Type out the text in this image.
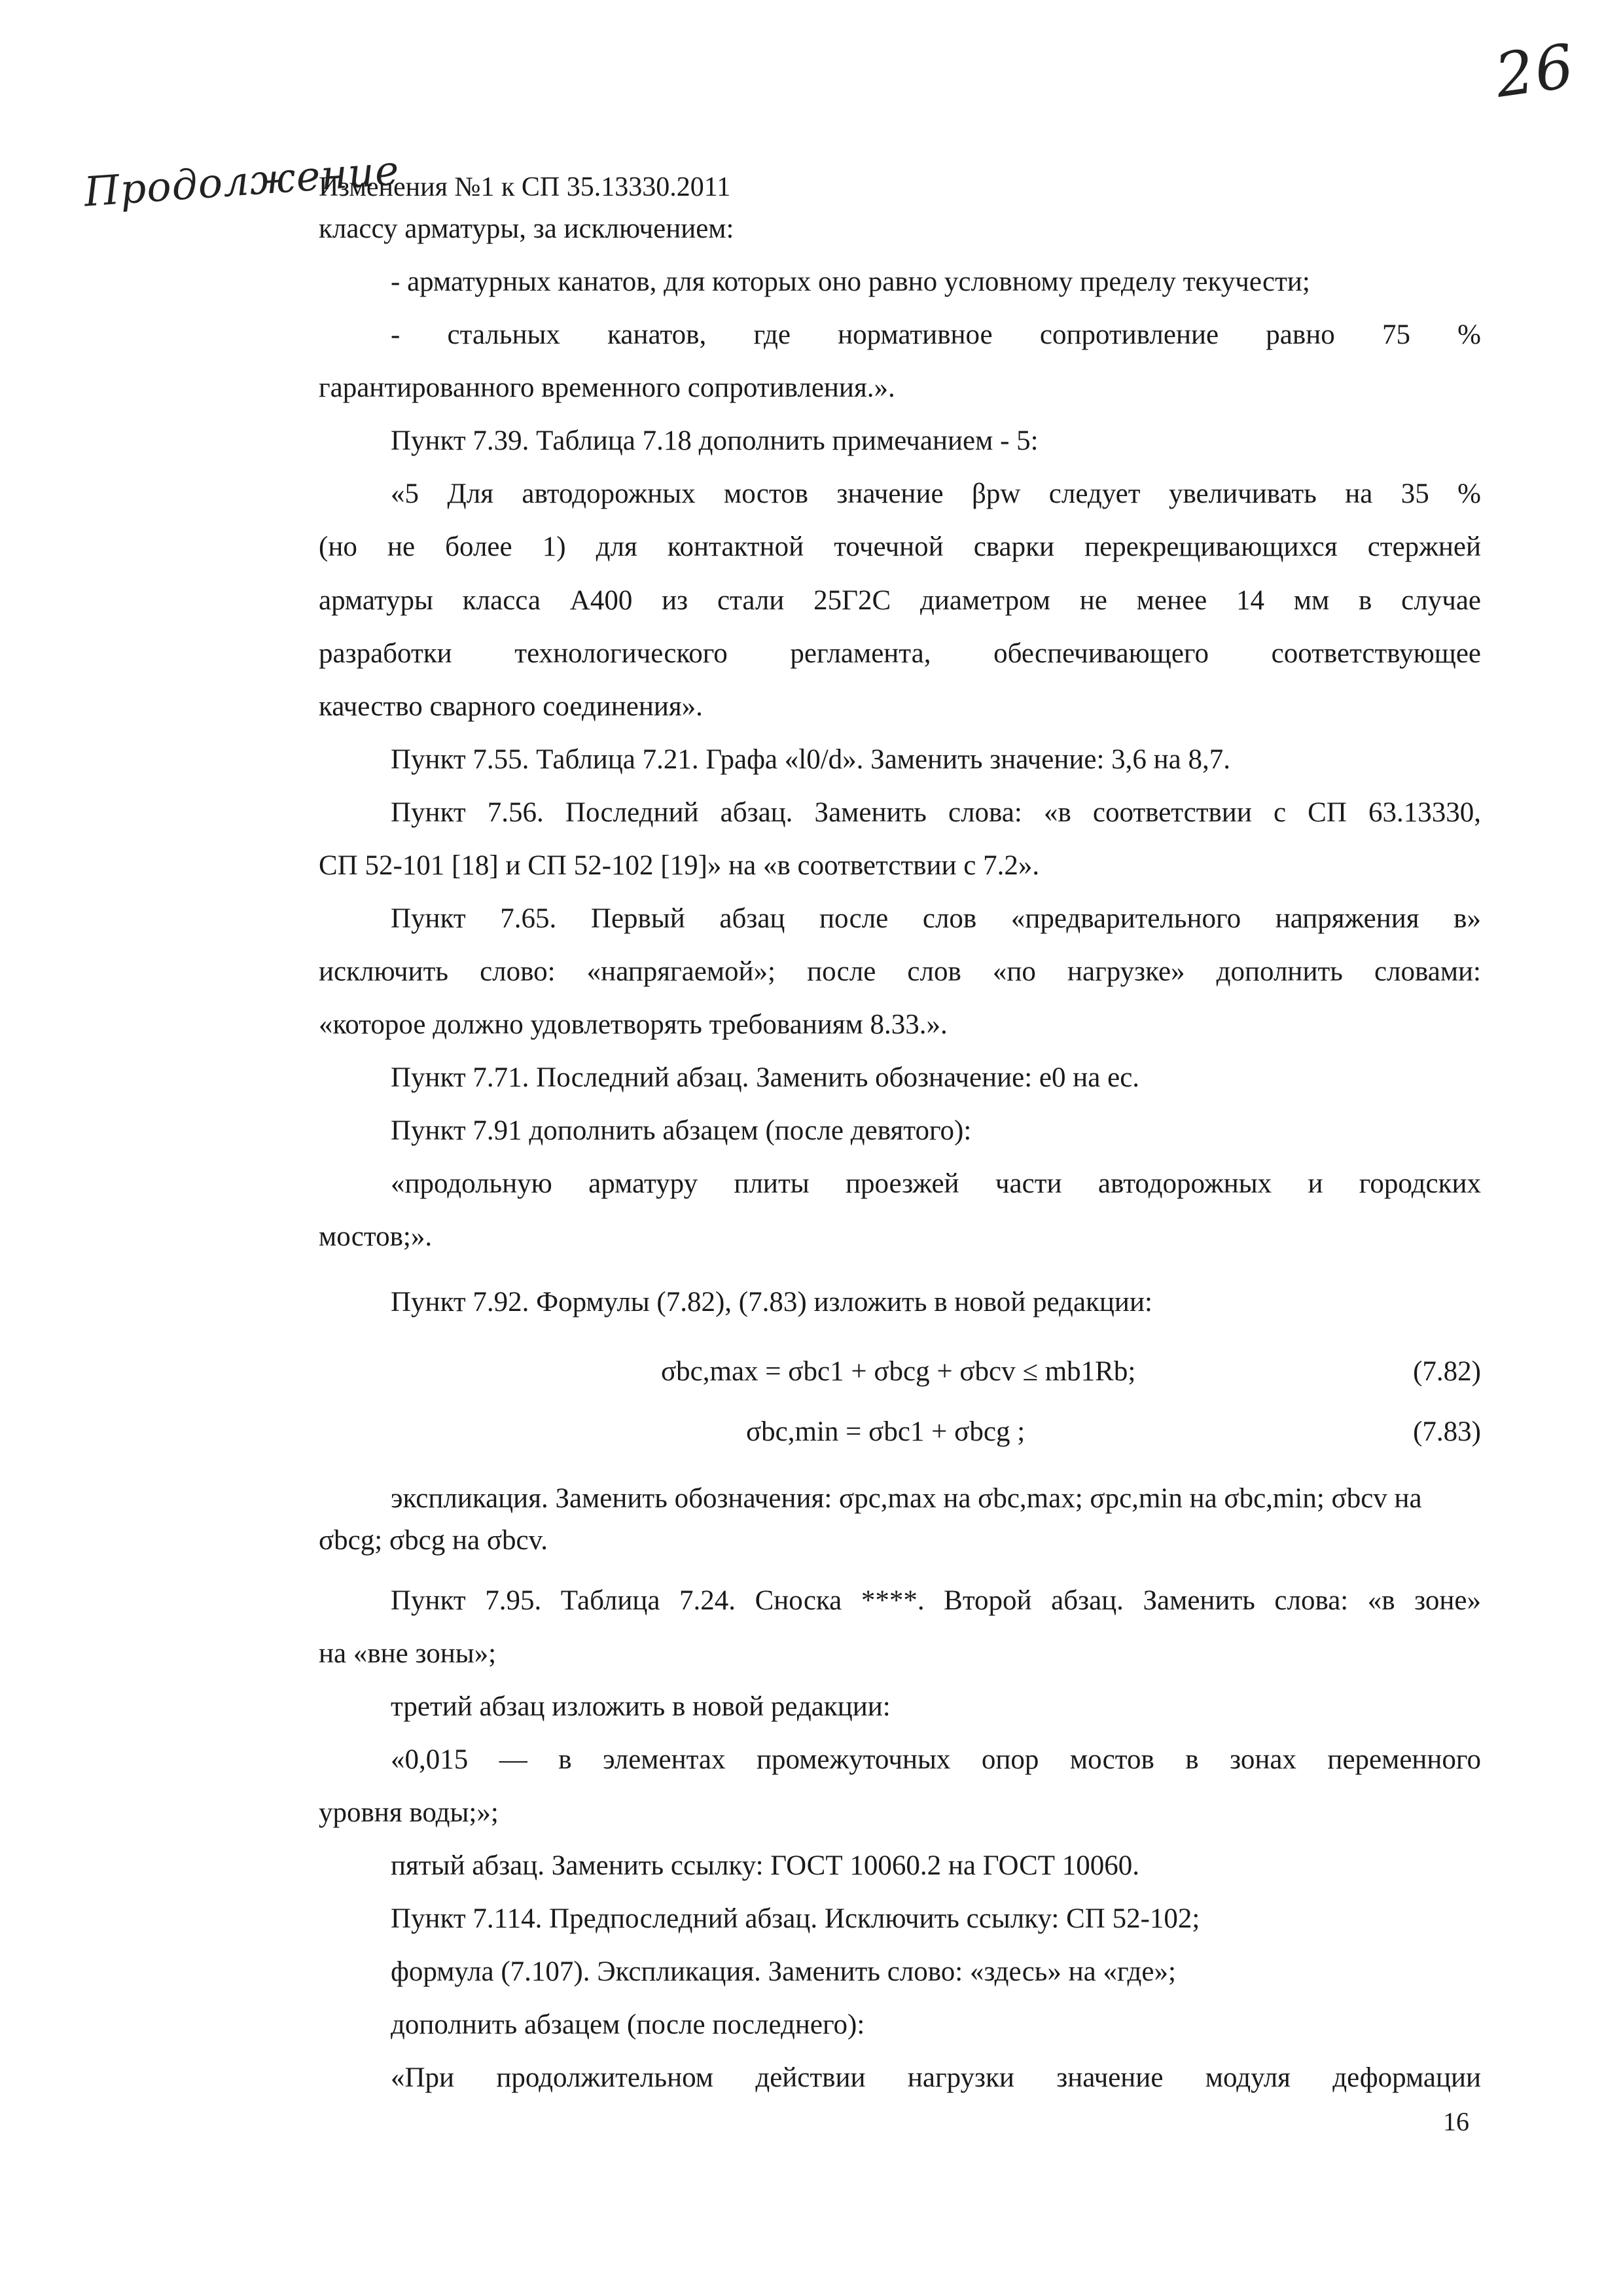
26
Продолжение
Изменения №1 к СП 35.13330.2011
классу арматуры, за исключением:
- арматурных канатов, для которых оно равно условному пределу текучести;
- стальных канатов, где нормативное сопротивление равно 75 %
гарантированного временного сопротивления.».
Пункт 7.39. Таблица 7.18 дополнить примечанием - 5:
«5 Для автодорожных мостов значение βpw следует увеличивать на 35 %
(но не более 1) для контактной точечной сварки перекрещивающихся стержней
арматуры класса А400 из стали 25Г2С диаметром не менее 14 мм в случае
разработки технологического регламента, обеспечивающего соответствующее
качество сварного соединения».
Пункт 7.55. Таблица 7.21. Графа «l0/d». Заменить значение: 3,6 на 8,7.
Пункт 7.56. Последний абзац. Заменить слова: «в соответствии с СП 63.13330,
СП 52-101 [18] и СП 52-102 [19]» на «в соответствии с 7.2».
Пункт 7.65. Первый абзац после слов «предварительного напряжения в»
исключить слово: «напрягаемой»; после слов «по нагрузке» дополнить словами:
«которое должно удовлетворять требованиям 8.33.».
Пункт 7.71. Последний абзац. Заменить обозначение: e0 на ec.
Пункт 7.91 дополнить абзацем (после девятого):
«продольную арматуру плиты проезжей части автодорожных и городских
мостов;».
Пункт 7.92. Формулы (7.82), (7.83) изложить в новой редакции:
σbc,max = σbc1 + σbcg + σbcv ≤ mb1Rb;	(7.82)
σbc,min = σbc1 + σbcg ;	(7.83)
экспликация. Заменить обозначения: σpc,max на σbc,max; σpc,min на σbc,min; σbcv на
σbcg; σbcg на σbcv.
Пункт 7.95. Таблица 7.24. Сноска ****. Второй абзац. Заменить слова: «в зоне»
на «вне зоны»;
третий абзац изложить в новой редакции:
«0,015 — в элементах промежуточных опор мостов в зонах переменного
уровня воды;»;
пятый абзац. Заменить ссылку: ГОСТ 10060.2 на ГОСТ 10060.
Пункт 7.114. Предпоследний абзац. Исключить ссылку: СП 52-102;
формула (7.107). Экспликация. Заменить слово: «здесь» на «где»;
дополнить абзацем (после последнего):
«При продолжительном действии нагрузки значение модуля деформации
16
